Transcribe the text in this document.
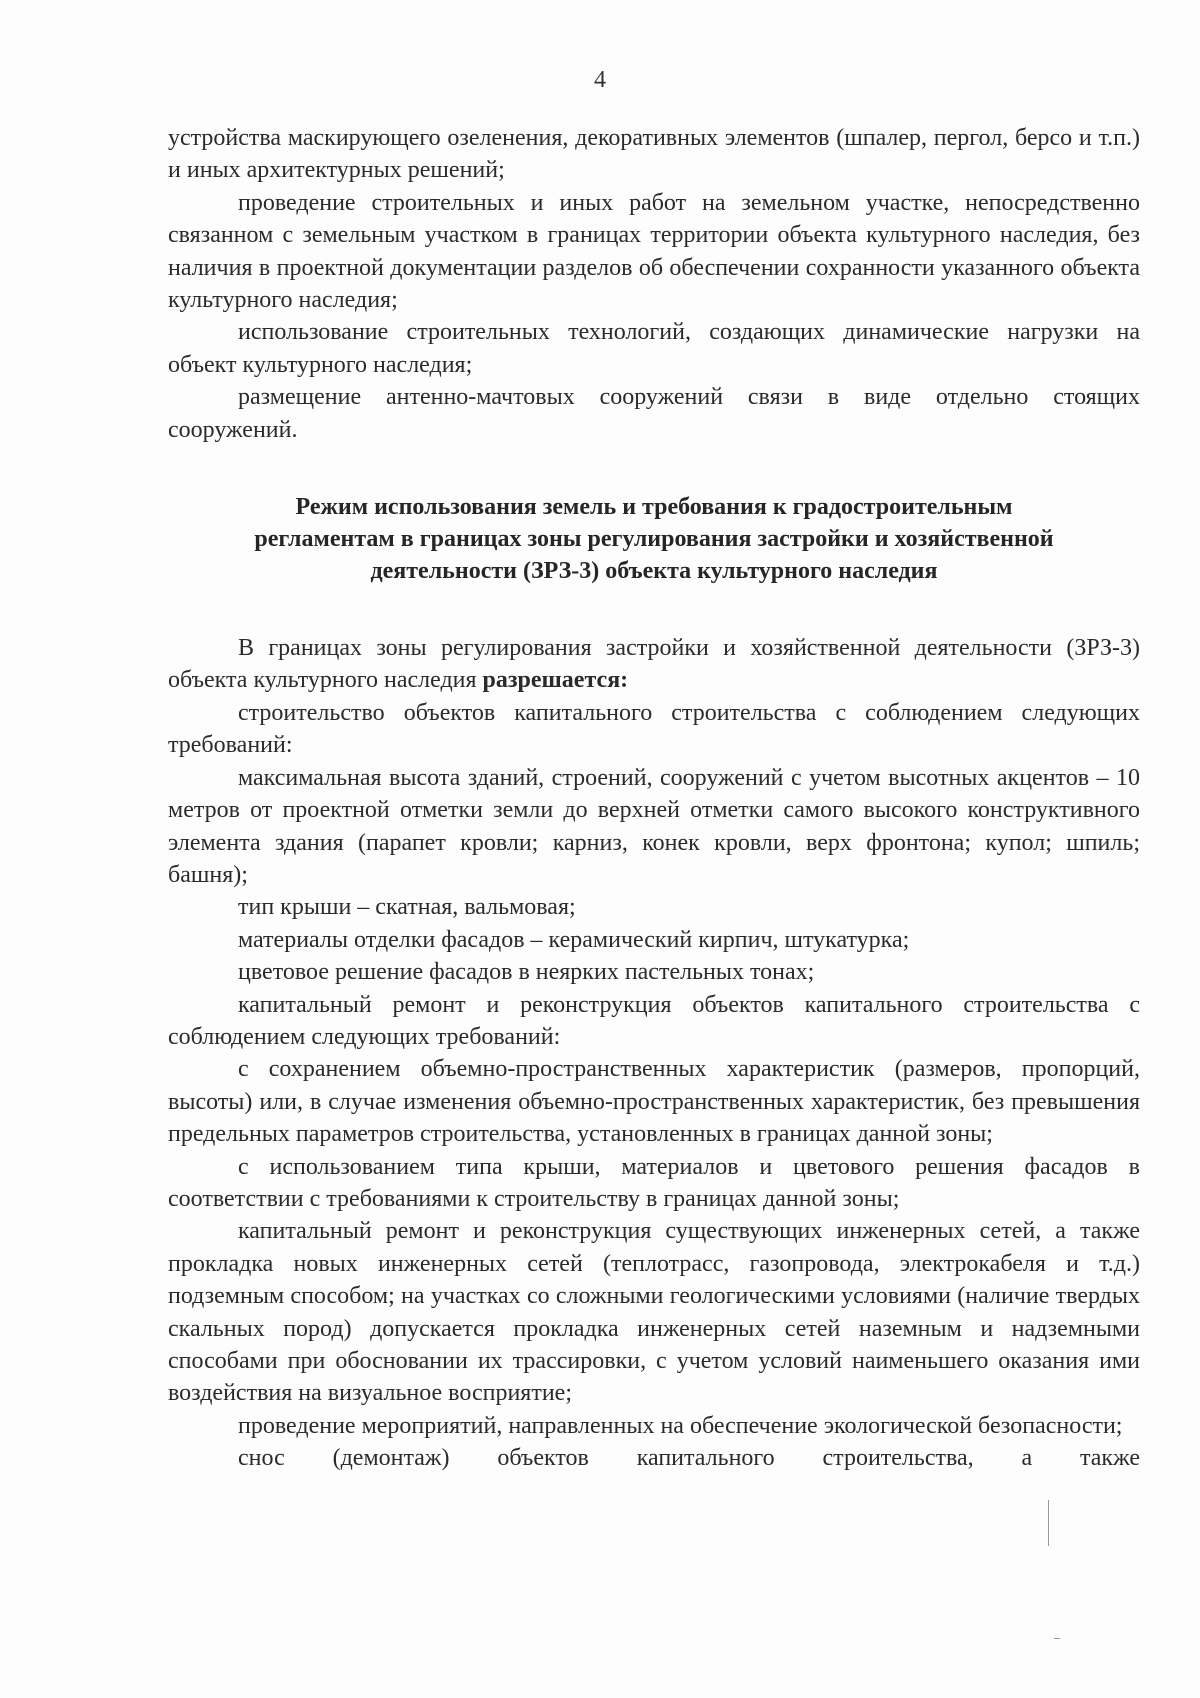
4

устройства маскирующего озеленения, декоративных элементов (шпалер, пергол, берсо и т.п.) и иных архитектурных решений;

проведение строительных и иных работ на земельном участке, непосредственно связанном с земельным участком в границах территории объекта культурного наследия, без наличия в проектной документации разделов об обеспечении сохранности указанного объекта культурного наследия;

использование строительных технологий, создающих динамические нагрузки на объект культурного наследия;

размещение антенно-мачтовых сооружений связи в виде отдельно стоящих сооружений.

Режим использования земель и требования к градостроительным
регламентам в границах зоны регулирования застройки и хозяйственной
деятельности (ЗРЗ-3) объекта культурного наследия

В границах зоны регулирования застройки и хозяйственной деятельности (ЗРЗ-3) объекта культурного наследия разрешается:

строительство объектов капитального строительства с соблюдением следующих требований:

максимальная высота зданий, строений, сооружений с учетом высотных акцентов – 10 метров от проектной отметки земли до верхней отметки самого высокого конструктивного элемента здания (парапет кровли; карниз, конек кровли, верх фронтона; купол; шпиль; башня);

тип крыши – скатная, вальмовая;

материалы отделки фасадов – керамический кирпич, штукатурка;

цветовое решение фасадов в неярких пастельных тонах;

капитальный ремонт и реконструкция объектов капитального строительства с соблюдением следующих требований:

с сохранением объемно-пространственных характеристик (размеров, пропорций, высоты) или, в случае изменения объемно-пространственных характеристик, без превышения предельных параметров строительства, установленных в границах данной зоны;

с использованием типа крыши, материалов и цветового решения фасадов в соответствии с требованиями к строительству в границах данной зоны;

капитальный ремонт и реконструкция существующих инженерных сетей, а также прокладка новых инженерных сетей (теплотрасс, газопровода, электрокабеля и т.д.) подземным способом; на участках со сложными геологическими условиями (наличие твердых скальных пород) допускается прокладка инженерных сетей наземным и надземными способами при обосновании их трассировки, с учетом условий наименьшего оказания ими воздействия на визуальное восприятие;

проведение мероприятий, направленных на обеспечение экологической безопасности;

снос (демонтаж) объектов капитального строительства, а также
